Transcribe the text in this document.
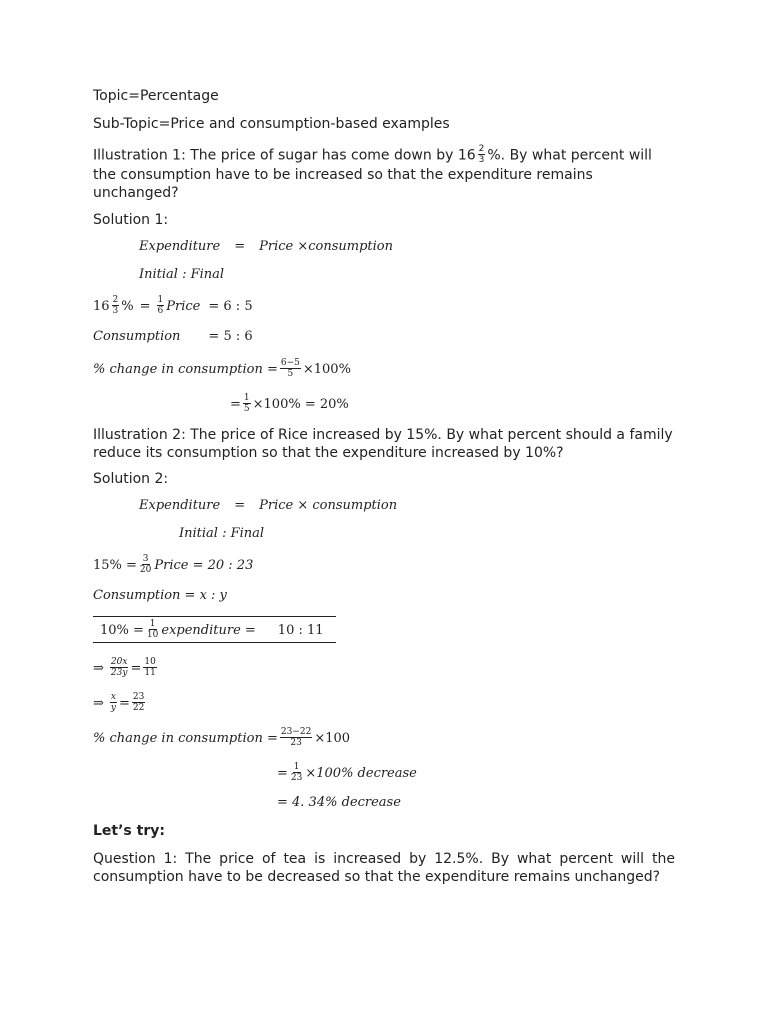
Topic=Percentage
Sub-Topic=Price and consumption-based examples
Illustration 1: The price of sugar has come down by $16 \frac{2}{3}$ %. By what percent will the consumption have to be increased so that the expenditure remains unchanged?
Solution 1:
Expenditure = Price ×consumption
Initial : Final
$16 \frac{2}{3}$ % = $\frac{1}{6}$ Price = 6 : 5
Consumption = 5 : 6
% change in consumption = $\frac{6-5}{5} \times 100\%$
= $\frac{1}{5} \times 100\% = 20\%$
Illustration 2: The price of Rice increased by 15%. By what percent should a family reduce its consumption so that the expenditure increased by 10%?
Solution 2:
Expenditure = Price × consumption
Initial : Final
$15\% = \frac{3}{20}$ Price = 20 : 23
Consumption = x : y
$10\% = \frac{1}{10}$ expenditure = 10 : 11
⇒ $\frac{20x}{23y} = \frac{10}{11}$
⇒ $\frac{x}{y} = \frac{23}{22}$
% change in consumption = $\frac{23-22}{23} \times 100$
= $\frac{1}{23} \times 100\%$ decrease
= 4. 34% decrease
Let’s try:
Question 1: The price of tea is increased by 12.5%. By what percent will the consumption have to be decreased so that the expenditure remains unchanged?
